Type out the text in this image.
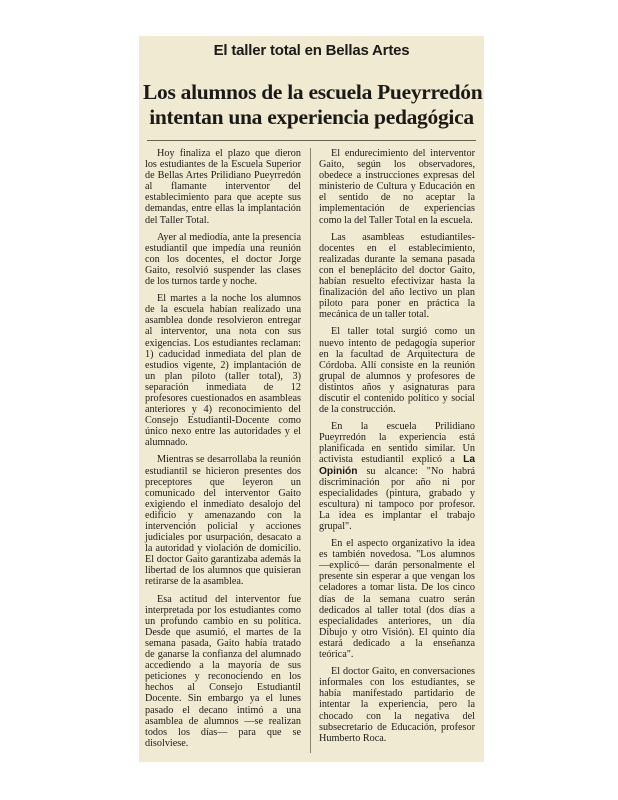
El taller total en Bellas Artes
Los alumnos de la escuela Pueyrredón
intentan una experiencia pedagógica

Hoy finaliza el plazo que dieron los estudiantes de la Escuela Superior de Bellas Artes Prilidiano Pueyrredón al flamante interventor del establecimiento para que acepte sus demandas, entre ellas la implantación del Taller Total.

Ayer al mediodía, ante la presencia estudiantil que impedía una reunión con los docentes, el doctor Jorge Gaito, resolvió suspender las clases de los turnos tarde y noche.

El martes a la noche los alumnos de la escuela habían realizado una asamblea donde resolvieron entregar al interventor, una nota con sus exigencias. Los estudiantes reclaman: 1) caducidad inmediata del plan de estudios vigente, 2) implantación de un plan piloto (taller total), 3) separación inmediata de 12 profesores cuestionados en asambleas anteriores y 4) reconocimiento del Consejo Estudiantil-Docente como único nexo entre las autoridades y el alumnado.

Mientras se desarrollaba la reunión estudiantil se hicieron presentes dos preceptores que leyeron un comunicado del interventor Gaito exigiendo el inmediato desalojo del edificio y amenazando con la intervención policial y acciones judiciales por usurpación, desacato a la autoridad y violación de domicilio. El doctor Gaito garantizaba además la libertad de los alumnos que quisieran retirarse de la asamblea.

Esa actitud del interventor fue interpretada por los estudiantes como un profundo cambio en su política. Desde que asumió, el martes de la semana pasada, Gaito había tratado de ganarse la confianza del alumnado accediendo a la mayoría de sus peticiones y reconociendo en los hechos al Consejo Estudiantil Docente. Sin embargo ya el lunes pasado el decano intimó a una asamblea de alumnos —se realizan todos los días— para que se disolviese.

El endurecimiento del interventor Gaito, según los observadores, obedece a instrucciones expresas del ministerio de Cultura y Educación en el sentido de no aceptar la implementación de experiencias como la del Taller Total en la escuela.

Las asambleas estudiantiles-docentes en el establecimiento, realizadas durante la semana pasada con el beneplácito del doctor Gaito, habían resuelto efectivizar hasta la finalización del año lectivo un plan piloto para poner en práctica la mecánica de un taller total.

El taller total surgió como un nuevo intento de pedagogía superior en la facultad de Arquitectura de Córdoba. Allí consiste en la reunión grupal de alumnos y profesores de distintos años y asignaturas para discutir el contenido político y social de la construcción.

En la escuela Prilidiano Pueyrredón la experiencia está planificada en sentido similar. Un activista estudiantil explicó a La Opinión su alcance: "No habrá discriminación por año ni por especialidades (pintura, grabado y escultura) ni tampoco por profesor. La idea es implantar el trabajo grupal".

En el aspecto organizativo la idea es también novedosa. "Los alumnos —explicó— darán personalmente el presente sin esperar a que vengan los celadores a tomar lista. De los cinco días de la semana cuatro serán dedicados al taller total (dos días a especialidades anteriores, un día Dibujo y otro Visión). El quinto día estará dedicado a la enseñanza teórica".

El doctor Gaito, en conversaciones informales con los estudiantes, se había manifestado partidario de intentar la experiencia, pero la chocado con la negativa del subsecretario de Educación, profesor Humberto Roca.
